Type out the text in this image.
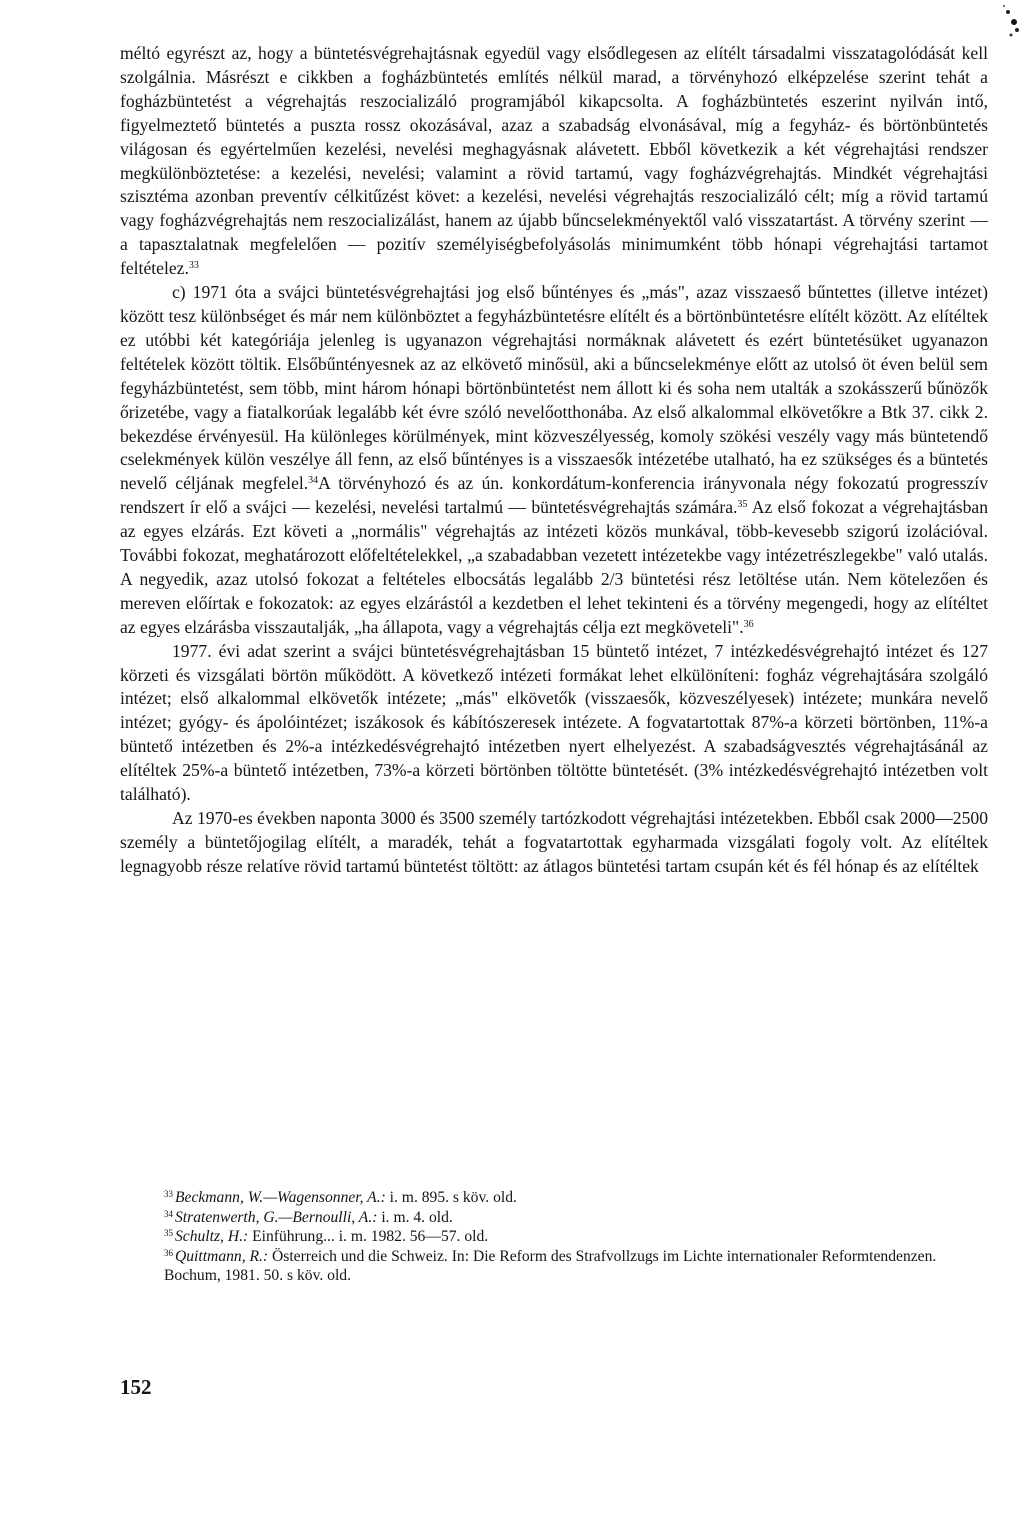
méltó egyrészt az, hogy a büntetésvégrehajtásnak egyedül vagy elsődlegesen az elítélt társadalmi visszatagolódását kell szolgálnia. Másrészt e cikkben a fogházbüntetés említés nélkül marad, a törvényhozó elképzelése szerint tehát a fogházbüntetést a végrehajtás reszocializáló programjából kikapcsolta. A fogházbüntetés eszerint nyilván intő, figyelmeztető büntetés a puszta rossz okozásával, azaz a szabadság elvonásával, míg a fegyház- és börtönbüntetés világosan és egyértelműen kezelési, nevelési meghagyásnak alávetett. Ebből következik a két végrehajtási rendszer megkülönböztetése: a kezelési, nevelési; valamint a rövid tartamú, vagy fogházvégrehajtás. Mindkét végrehajtási szisztéma azonban preventív célkitűzést követ: a kezelési, nevelési végrehajtás reszocializáló célt; míg a rövid tartamú vagy fogházvégrehajtás nem reszocializálást, hanem az újabb bűncselekményektől való visszatartást. A törvény szerint — a tapasztalatnak megfelelően — pozitív személyiségbefolyásolás minimumként több hónapi végrehajtási tartamot feltételez.$^{33}$

c) 1971 óta a svájci büntetésvégrehajtási jog első bűntényes és „más", azaz visszaeső bűntettes (illetve intézet) között tesz különbséget és már nem különböztet a fegyházbüntetésre elítélt és a börtönbüntetésre elítélt között. Az elítéltek ez utóbbi két kategóriája jelenleg is ugyanazon végrehajtási normáknak alávetett és ezért büntetésüket ugyanazon feltételek között töltik. Elsőbűntényesnek az az elkövető minősül, aki a bűncselekménye előtt az utolsó öt éven belül sem fegyházbüntetést, sem több, mint három hónapi börtönbüntetést nem állott ki és soha nem utalták a szokásszerű bűnözők őrizetébe, vagy a fiatalkorúak legalább két évre szóló nevelőotthonába. Az első alkalommal elkövetőkre a Btk 37. cikk 2. bekezdése érvényesül. Ha különleges körülmények, mint közveszélyesség, komoly szökési veszély vagy más büntetendő cselekmények külön veszélye áll fenn, az első bűntényes is a visszaesők intézetébe utalható, ha ez szükséges és a büntetés nevelő céljának megfelel.$^{34}$A törvényhozó és az ún. konkordátum-konferencia irányvonala négy fokozatú progresszív rendszert ír elő a svájci — kezelési, nevelési tartalmú — büntetésvégrehajtás számára.$^{35}$ Az első fokozat a végrehajtásban az egyes elzárás. Ezt követi a „normális" végrehajtás az intézeti közös munkával, több-kevesebb szigorú izolációval. További fokozat, meghatározott előfeltételekkel, „a szabadabban vezetett intézetekbe vagy intézetrészlegekbe" való utalás. A negyedik, azaz utolsó fokozat a feltételes elbocsátás legalább 2/3 büntetési rész letöltése után. Nem kötelezően és mereven előírtak e fokozatok: az egyes elzárástól a kezdetben el lehet tekinteni és a törvény megengedi, hogy az elítéltet az egyes elzárásba visszautalják, „ha állapota, vagy a végrehajtás célja ezt megköveteli".$^{36}$

1977. évi adat szerint a svájci büntetésvégrehajtásban 15 büntető intézet, 7 intézkedésvégrehajtó intézet és 127 körzeti és vizsgálati börtön működött. A következő intézeti formákat lehet elkülöníteni: fogház végrehajtására szolgáló intézet; első alkalommal elkövetők intézete; „más" elkövetők (visszaesők, közveszélyesek) intézete; munkára nevelő intézet; gyógy- és ápolóintézet; iszákosok és kábítószeresek intézete. A fogvatartottak 87%-a körzeti börtönben, 11%-a büntető intézetben és 2%-a intézkedésvégrehajtó intézetben nyert elhelyezést. A szabadságvesztés végrehajtásánál az elítéltek 25%-a büntető intézetben, 73%-a körzeti börtönben töltötte büntetését. (3% intézkedésvégrehajtó intézetben volt található).

Az 1970-es években naponta 3000 és 3500 személy tartózkodott végrehajtási intézetekben. Ebből csak 2000—2500 személy a büntetőjogilag elítélt, a maradék, tehát a fogvatartottak egyharmada vizsgálati fogoly volt. Az elítéltek legnagyobb része relatíve rövid tartamú büntetést töltött: az átlagos büntetési tartam csupán két és fél hónap és az elítéltek

$^{33}$ Beckmann, W.—Wagensonner, A.: i. m. 895. s köv. old.

$^{34}$ Stratenwerth, G.—Bernoulli, A.: i. m. 4. old.

$^{35}$ Schultz, H.: Einführung... i. m. 1982. 56—57. old.

$^{36}$ Quittmann, R.: Österreich und die Schweiz. In: Die Reform des Strafvollzugs im Lichte internationaler Reformtendenzen. Bochum, 1981. 50. s köv. old.

152
